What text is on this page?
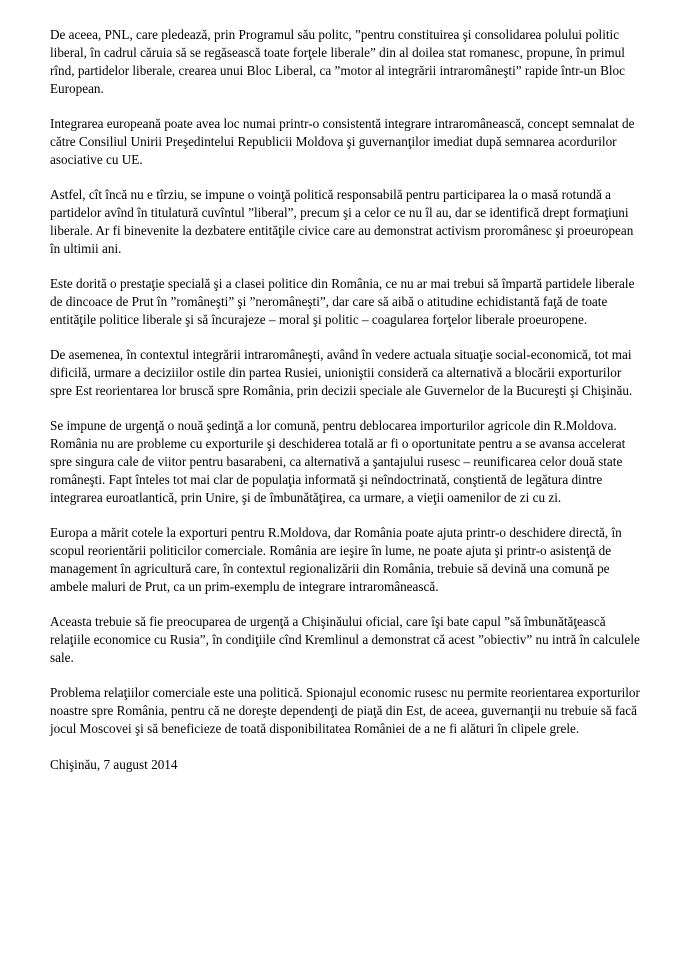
De aceea, PNL, care pledează, prin Programul său politc, ”pentru constituirea şi consolidarea polului politic liberal, în cadrul căruia să se regăsească toate forţele liberale” din al doilea stat romanesc, propune, în primul rînd, partidelor liberale, crearea unui Bloc Liberal, ca ”motor al integrării intraromâneşti” rapide într-un Bloc European.

Integrarea europeană poate avea loc numai printr-o consistentă integrare intraromânească, concept semnalat de către Consiliul Unirii Preşedintelui Republicii Moldova şi guvernanţilor imediat după semnarea acordurilor asociative cu UE.

Astfel, cît încă nu e tîrziu, se impune o voinţă politică responsabilă pentru participarea la o masă rotundă a partidelor avînd în titulatură cuvîntul ”liberal”, precum şi a celor ce nu îl au, dar se identifică drept formaţiuni liberale. Ar fi binevenite la dezbatere entităţile civice care au demonstrat activism proromânesc şi proeuropean în ultimii ani.

Este dorită o prestaţie specială şi a clasei politice din România, ce nu ar mai trebui să împartă partidele liberale de dincoace de Prut în ”româneşti” şi ”neromâneşti”, dar care să aibă o atitudine echidistantă faţă de toate entităţile politice liberale şi să încurajeze – moral şi politic – coagularea forţelor liberale proeuropene.

De asemenea, în contextul integrării intraromâneşti, având în vedere actuala situaţie social-economică, tot mai dificilă, urmare a deciziilor ostile din partea Rusiei, unioniştii consideră ca alternativă a blocării exporturilor spre Est reorientarea lor bruscă spre România, prin decizii speciale ale Guvernelor de la Bucureşti şi Chişinău.

Se impune de urgenţă o nouă şedinţă a lor comună, pentru deblocarea importurilor agricole din R.Moldova. România nu are probleme cu exporturile şi deschiderea totală ar fi o oportunitate pentru a se avansa accelerat spre singura cale de viitor pentru basarabeni, ca alternativă a şantajului rusesc – reunificarea celor două state româneşti. Fapt înteles tot mai clar de populaţia informată şi neîndoctrinată, conştientă de legătura dintre integrarea euroatlantică, prin Unire, şi de îmbunătăţirea, ca urmare, a vieţii oamenilor de zi cu zi.

Europa a mărit cotele la exporturi pentru R.Moldova, dar România poate ajuta printr-o deschidere directă, în scopul reorientării politicilor comerciale. România are ieşire în lume, ne poate ajuta şi printr-o asistenţă de management în agricultură care, în contextul regionalizării din România, trebuie să devină una comună pe ambele maluri de Prut, ca un prim-exemplu de integrare intraromânească.

Aceasta trebuie să fie preocuparea de urgenţă a Chişinăului oficial, care îşi bate capul ”să îmbunătăţească relaţiile economice cu Rusia”, în condiţiile cînd Kremlinul a demonstrat că acest ”obiectiv” nu intră în calculele sale.

Problema relaţiilor comerciale este una politică. Spionajul economic rusesc nu permite reorientarea exporturilor noastre spre România, pentru că ne doreşte dependenţi de piaţă din Est, de aceea, guvernanţii nu trebuie să facă jocul Moscovei şi să beneficieze de toată disponibilitatea României de a ne fi alături în clipele grele.

Chişinău, 7 august 2014
